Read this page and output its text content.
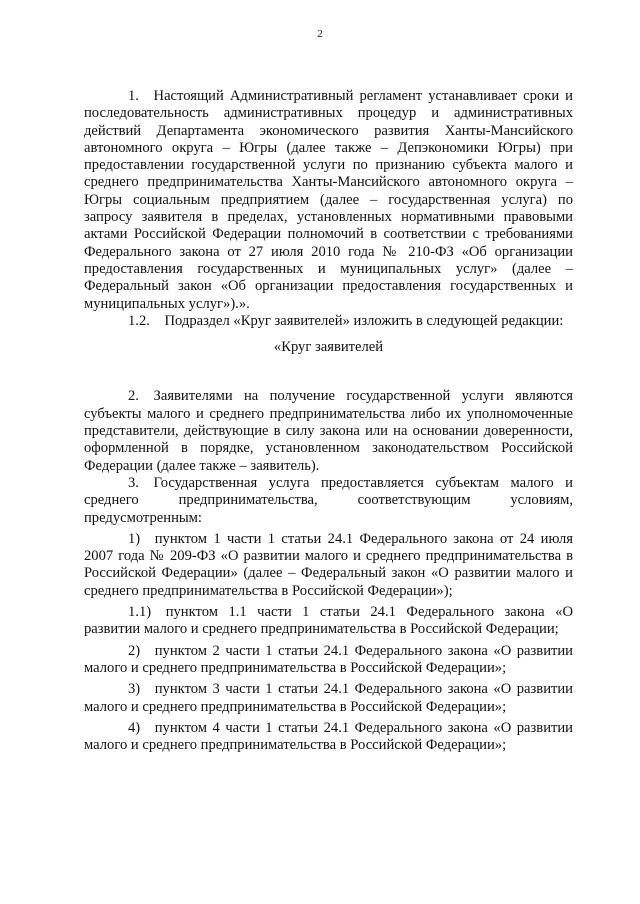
2

1. Настоящий Административный регламент устанавливает сроки и последовательность административных процедур и административных действий Департамента экономического развития Ханты-Мансийского автономного округа – Югры (далее также – Депэкономики Югры) при предоставлении государственной услуги по признанию субъекта малого и среднего предпринимательства Ханты-Мансийского автономного округа – Югры социальным предприятием (далее – государственная услуга) по запросу заявителя в пределах, установленных нормативными правовыми актами Российской Федерации полномочий в соответствии с требованиями Федерального закона от 27 июля 2010 года № 210-ФЗ «Об организации предоставления государственных и муниципальных услуг» (далее – Федеральный закон «Об организации предоставления государственных и муниципальных услуг»).».

1.2. Подраздел «Круг заявителей» изложить в следующей редакции:

«Круг заявителей

2. Заявителями на получение государственной услуги являются субъекты малого и среднего предпринимательства либо их уполномоченные представители, действующие в силу закона или на основании доверенности, оформленной в порядке, установленном законодательством Российской Федерации (далее также – заявитель).

3. Государственная услуга предоставляется субъектам малого и среднего предпринимательства, соответствующим условиям, предусмотренным:

1) пунктом 1 части 1 статьи 24.1 Федерального закона от 24 июля 2007 года № 209-ФЗ «О развитии малого и среднего предпринимательства в Российской Федерации» (далее – Федеральный закон «О развитии малого и среднего предпринимательства в Российской Федерации»);

1.1) пунктом 1.1 части 1 статьи 24.1 Федерального закона «О развитии малого и среднего предпринимательства в Российской Федерации;

2) пунктом 2 части 1 статьи 24.1 Федерального закона «О развитии малого и среднего предпринимательства в Российской Федерации»;

3) пунктом 3 части 1 статьи 24.1 Федерального закона «О развитии малого и среднего предпринимательства в Российской Федерации»;

4) пунктом 4 части 1 статьи 24.1 Федерального закона «О развитии малого и среднего предпринимательства в Российской Федерации»;
